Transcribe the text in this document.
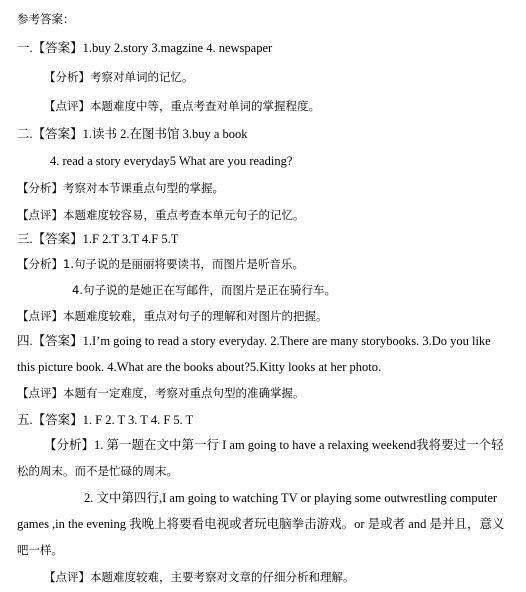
参考答案：
一.【答案】1.buy 2.story 3.magzine 4. newspaper
【分析】考察对单词的记忆。
【点评】本题难度中等，重点考查对单词的掌握程度。
二.【答案】1.读书 2.在图书馆 3.buy a book
4. read a story everyday5 What are you reading?
【分析】考察对本节课重点句型的掌握。
【点评】本题难度较容易，重点考查本单元句子的记忆。
三.【答案】1.F 2.T 3.T 4.F 5.T
【分析】1.句子说的是丽丽将要读书，而图片是听音乐。
4.句子说的是她正在写邮件，而图片是正在骑行车。
【点评】本题难度较难，重点对句子的理解和对图片的把握。
四.【答案】1.I’m going to read a story everyday. 2.There are many storybooks. 3.Do you like
this picture book. 4.What are the books about?5.Kitty looks at her photo.
【点评】本题有一定难度，考察对重点句型的准确掌握。
五.【答案】1. F 2. T 3. T 4. F 5. T
【分析】1. 第一题在文中第一行 I am going to have a relaxing weekend我将要过一个轻
松的周末。而不是忙碌的周末。
2. 文中第四行,I am going to watching TV or playing some outwrestling computer
games ,in the evening 我晚上将要看电视或者玩电脑拳击游戏。or 是或者 and 是并且，意义
吧一样。
【点评】本题难度较难，主要考察对文章的仔细分析和理解。
